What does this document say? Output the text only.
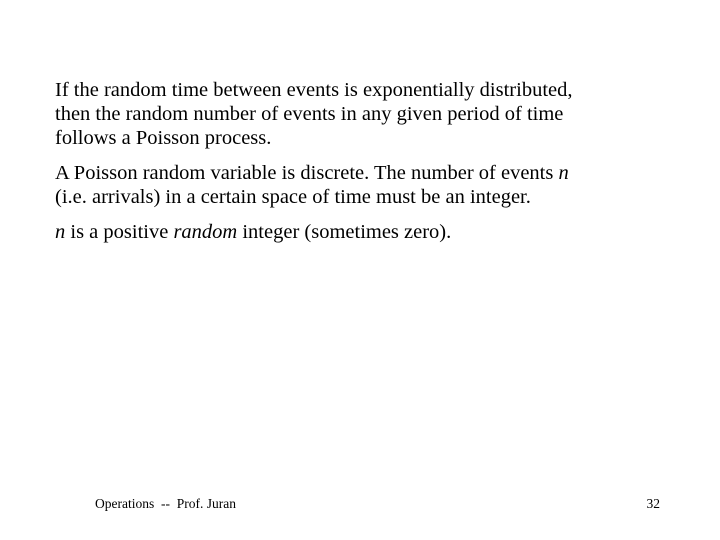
If the random time between events is exponentially distributed,
then the random number of events in any given period of time
follows a Poisson process.

A Poisson random variable is discrete. The number of events n
(i.e. arrivals) in a certain space of time must be an integer.

n is a positive random integer (sometimes zero).

Operations  --  Prof. Juran	32
